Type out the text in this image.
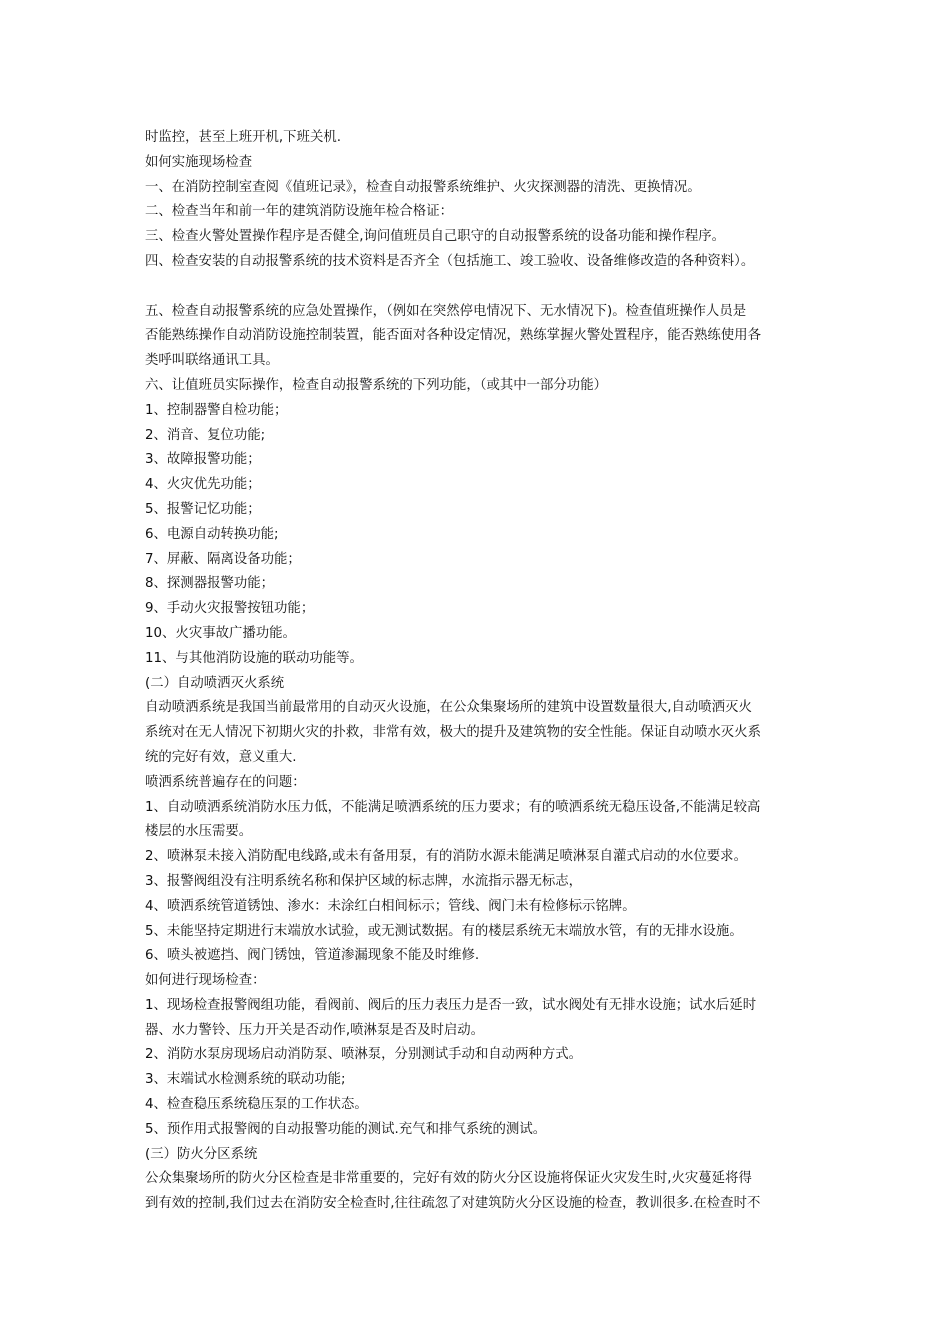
时监控，甚至上班开机,下班关机.
如何实施现场检查
一、在消防控制室查阅《值班记录》，检查自动报警系统维护、火灾探测器的清洗、更换情况。
二、检查当年和前一年的建筑消防设施年检合格证：
三、检查火警处置操作程序是否健全,询问值班员自己职守的自动报警系统的设备功能和操作程序。
四、检查安装的自动报警系统的技术资料是否齐全（包括施工、竣工验收、设备维修改造的各种资料）。
五、检查自动报警系统的应急处置操作，（例如在突然停电情况下、无水情况下)。检查值班操作人员是
否能熟练操作自动消防设施控制装置，能否面对各种设定情况，熟练掌握火警处置程序，能否熟练使用各
类呼叫联络通讯工具。
六、让值班员实际操作，检查自动报警系统的下列功能，（或其中一部分功能）
1、控制器警自检功能；
2、消音、复位功能;
3、故障报警功能；
4、火灾优先功能；
5、报警记忆功能；
6、电源自动转换功能;
7、屏蔽、隔离设备功能；
8、探测器报警功能；
9、手动火灾报警按钮功能；
10、火灾事故广播功能。
11、与其他消防设施的联动功能等。
(二）自动喷洒灭火系统
自动喷洒系统是我国当前最常用的自动灭火设施，在公众集聚场所的建筑中设置数量很大,自动喷洒灭火
系统对在无人情况下初期火灾的扑救，非常有效，极大的提升及建筑物的安全性能。保证自动喷水灭火系
统的完好有效，意义重大.
喷洒系统普遍存在的问题：
1、自动喷洒系统消防水压力低，不能满足喷洒系统的压力要求；有的喷洒系统无稳压设备,不能满足较高
楼层的水压需要。
2、喷淋泵未接入消防配电线路,或未有备用泵，有的消防水源未能满足喷淋泵自灌式启动的水位要求。
3、报警阀组没有注明系统名称和保护区域的标志牌，水流指示器无标志，
4、喷洒系统管道锈蚀、渗水：未涂红白相间标示；管线、阀门未有检修标示铭牌。
5、未能坚持定期进行末端放水试验，或无测试数据。有的楼层系统无末端放水管，有的无排水设施。
6、喷头被遮挡、阀门锈蚀，管道渗漏现象不能及时维修.
如何进行现场检查：
1、现场检查报警阀组功能，看阀前、阀后的压力表压力是否一致，试水阀处有无排水设施；试水后延时
器、水力警铃、压力开关是否动作,喷淋泵是否及时启动。
2、消防水泵房现场启动消防泵、喷淋泵，分别测试手动和自动两种方式。
3、末端试水检测系统的联动功能;
4、检查稳压系统稳压泵的工作状态。
5、预作用式报警阀的自动报警功能的测试.充气和排气系统的测试。
(三）防火分区系统
公众集聚场所的防火分区检查是非常重要的，完好有效的防火分区设施将保证火灾发生时,火灾蔓延将得
到有效的控制,我们过去在消防安全检查时,往往疏忽了对建筑防火分区设施的检查，教训很多.在检查时不
